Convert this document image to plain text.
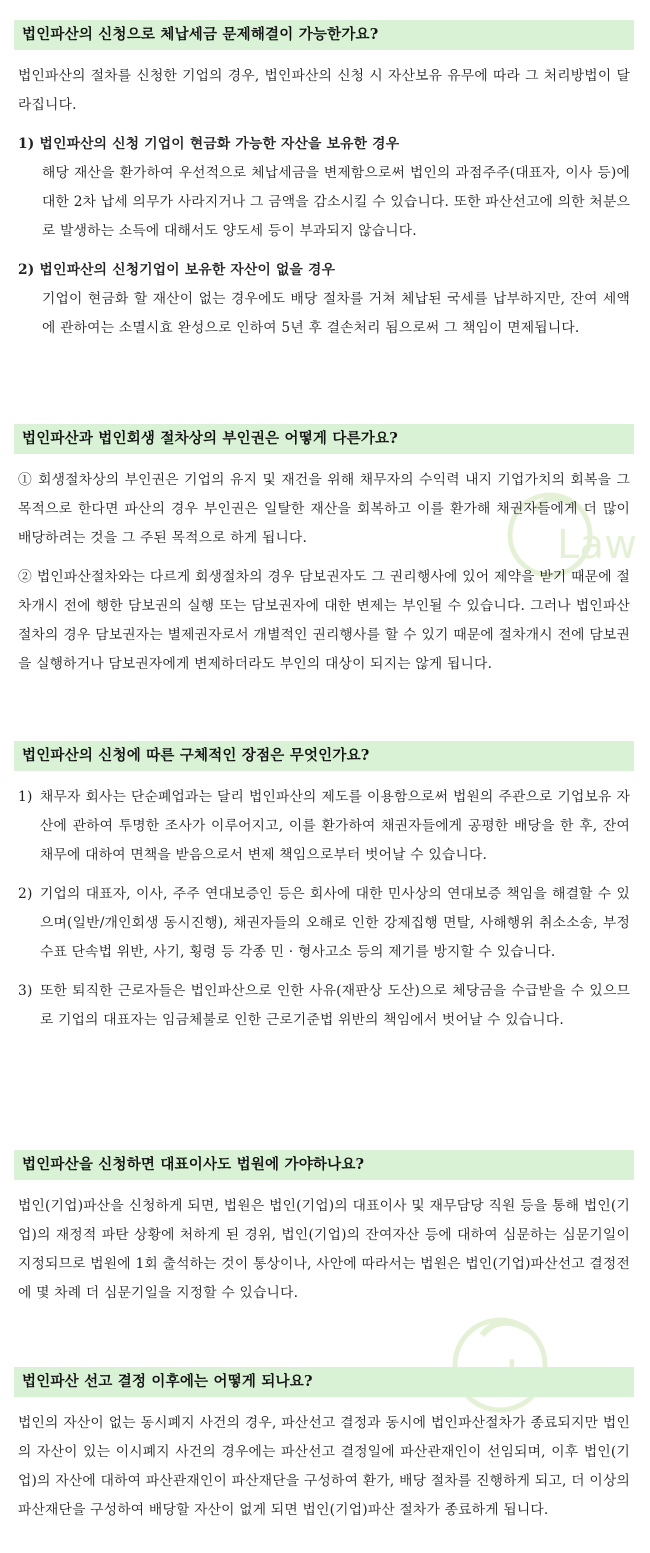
Law
법인파산의 신청으로 체납세금 문제해결이 가능한가요?
법인파산의 절차를 신청한 기업의 경우, 법인파산의 신청 시 자산보유 유무에 따라 그 처리방법이 달라집니다.
1) 법인파산의 신청 기업이 현금화 가능한 자산을 보유한 경우
해당 재산을 환가하여 우선적으로 체납세금을 변제함으로써 법인의 과점주주(대표자, 이사 등)에 대한 2차 납세 의무가 사라지거나 그 금액을 감소시킬 수 있습니다. 또한 파산선고에 의한 처분으로 발생하는 소득에 대해서도 양도세 등이 부과되지 않습니다.
2) 법인파산의 신청기업이 보유한 자산이 없을 경우
기업이 현금화 할 재산이 없는 경우에도 배당 절차를 거쳐 체납된 국세를 납부하지만, 잔여 세액에 관하여는 소멸시효 완성으로 인하여 5년 후 결손처리 됨으로써 그 책임이 면제됩니다.
법인파산과 법인회생 절차상의 부인권은 어떻게 다른가요?
① 회생절차상의 부인권은 기업의 유지 및 재건을 위해 채무자의 수익력 내지 기업가치의 회복을 그 목적으로 한다면 파산의 경우 부인권은 일탈한 재산을 회복하고 이를 환가해 채권자들에게 더 많이 배당하려는 것을 그 주된 목적으로 하게 됩니다.
② 법인파산절차와는 다르게 회생절차의 경우 담보권자도 그 권리행사에 있어 제약을 받기 때문에 절차개시 전에 행한 담보권의 실행 또는 담보권자에 대한 변제는 부인될 수 있습니다. 그러나 법인파산절차의 경우 담보권자는 별제권자로서 개별적인 권리행사를 할 수 있기 때문에 절차개시 전에 담보권을 실행하거나 담보권자에게 변제하더라도 부인의 대상이 되지는 않게 됩니다.
법인파산의 신청에 따른 구체적인 장점은 무엇인가요?
1) 채무자 회사는 단순폐업과는 달리 법인파산의 제도를 이용함으로써 법원의 주관으로 기업보유 자산에 관하여 투명한 조사가 이루어지고, 이를 환가하여 채권자들에게 공평한 배당을 한 후, 잔여채무에 대하여 면책을 받음으로서 변제 책임으로부터 벗어날 수 있습니다.
2) 기업의 대표자, 이사, 주주 연대보증인 등은 회사에 대한 민사상의 연대보증 책임을 해결할 수 있으며(일반/개인회생 동시진행), 채권자들의 오해로 인한 강제집행 면탈, 사해행위 취소소송, 부정수표 단속법 위반, 사기, 횡령 등 각종 민 · 형사고소 등의 제기를 방지할 수 있습니다.
3) 또한 퇴직한 근로자들은 법인파산으로 인한 사유(재판상 도산)으로 체당금을 수급받을 수 있으므로 기업의 대표자는 임금체불로 인한 근로기준법 위반의 책임에서 벗어날 수 있습니다.
법인파산을 신청하면 대표이사도 법원에 가야하나요?
법인(기업)파산을 신청하게 되면, 법원은 법인(기업)의 대표이사 및 재무담당 직원 등을 통해 법인(기업)의 재정적 파탄 상황에 처하게 된 경위, 법인(기업)의 잔여자산 등에 대하여 심문하는 심문기일이 지정되므로 법원에 1회 출석하는 것이 통상이나, 사안에 따라서는 법원은 법인(기업)파산선고 결정전에 몇 차례 더 심문기일을 지정할 수 있습니다.
법인파산 선고 결정 이후에는 어떻게 되나요?
법인의 자산이 없는 동시폐지 사건의 경우, 파산선고 결정과 동시에 법인파산절차가 종료되지만 법인의 자산이 있는 이시폐지 사건의 경우에는 파산선고 결정일에 파산관재인이 선임되며, 이후 법인(기업)의 자산에 대하여 파산관재인이 파산재단을 구성하여 환가, 배당 절차를 진행하게 되고, 더 이상의 파산재단을 구성하여 배당할 자산이 없게 되면 법인(기업)파산 절차가 종료하게 됩니다.
